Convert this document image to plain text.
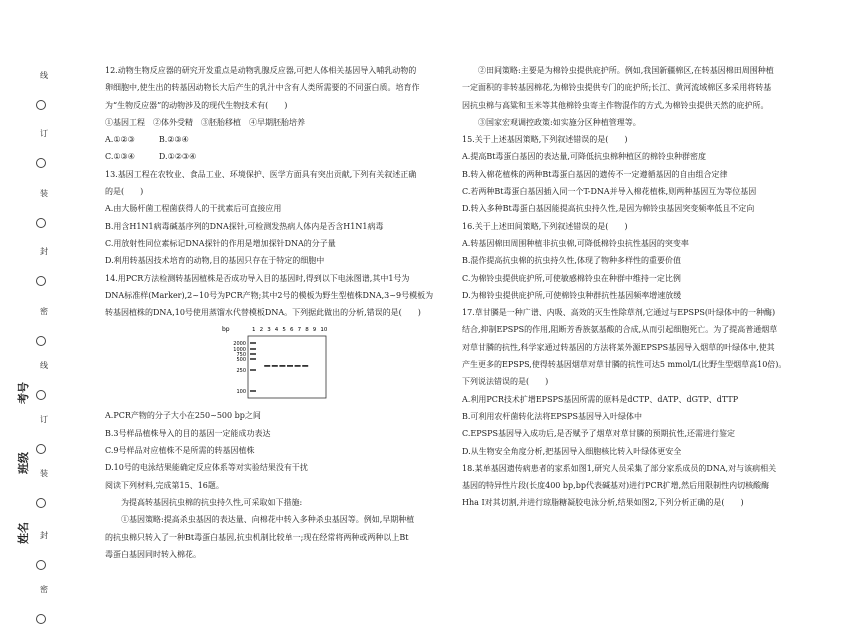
线
订
装
封
密
线
订
装
封
密
考号
班级
姓名

12.动物生物反应器的研究开发重点是动物乳腺反应器,可把人体相关基因导入哺乳动物的

卵细胞中,使生出的转基因动物长大后产生的乳汁中含有人类所需要的不同蛋白质。培育作

为“生物反应器”的动物涉及的现代生物技术有(　　)

①基因工程　②体外受精　③胚胎移植　④早期胚胎培养

A.①②③　　　B.②③④

C.①③④　　　D.①②③④

13.基因工程在农牧业、食品工业、环境保护、医学方面具有突出贡献,下列有关叙述正确

的是(　　)

A.由大肠杆菌工程菌获得人的干扰素后可直接应用

B.用含H1N1病毒碱基序列的DNA探针,可检测发热病人体内是否含H1N1病毒

C.用放射性同位素标记DNA探针的作用是增加探针DNA的分子量

D.利用转基因技术培育的动物,目的基因只存在于特定的细胞中

14.用PCR方法检测转基因植株是否成功导入目的基因时,得到以下电泳图谱,其中1号为

DNA标准样(Marker),2~10号为PCR产物;其中2号的模板为野生型植株DNA,3~9号模板为

转基因植株的DNA,10号使用蒸馏水代替模板DNA。下列据此做出的分析,错误的是(　　)

bp	1 2 3 4 5 6 7 8 9 10
2000
1000
750
500
250
100

A.PCR产物的分子大小在250~500 bp之间

B.3号样品植株导入的目的基因一定能成功表达

C.9号样品对应植株不是所需的转基因植株

D.10号的电泳结果能确定反应体系等对实验结果没有干扰

阅读下列材料,完成第15、16题。

　　为提高转基因抗虫棉的抗虫持久性,可采取如下措施:

　　①基因策略:提高杀虫基因的表达量、向棉花中转入多种杀虫基因等。例如,早期种植

的抗虫棉只转入了一种Bt毒蛋白基因,抗虫机制比较单一;现在经常将两种或两种以上Bt

毒蛋白基因同时转入棉花。

　　②田间策略:主要是为棉铃虫提供庇护所。例如,我国新疆棉区,在转基因棉田周围种植

一定面积的非转基因棉花,为棉铃虫提供专门的庇护所;长江、黄河流域棉区多采用将转基

因抗虫棉与高粱和玉米等其他棉铃虫寄主作物混作的方式,为棉铃虫提供天然的庇护所。

　　③国家宏观调控政策:如实施分区种植管理等。

15.关于上述基因策略,下列叙述错误的是(　　)

A.提高Bt毒蛋白基因的表达量,可降低抗虫棉种植区的棉铃虫种群密度

B.转入棉花植株的两种Bt毒蛋白基因的遗传不一定遵循基因的自由组合定律

C.若两种Bt毒蛋白基因插入同一个T-DNA并导入棉花植株,则两种基因互为等位基因

D.转入多种Bt毒蛋白基因能提高抗虫持久性,是因为棉铃虫基因突变频率低且不定向

16.关于上述田间策略,下列叙述错误的是(　　)

A.转基因棉田周围种植非抗虫棉,可降低棉铃虫抗性基因的突变率

B.混作提高抗虫棉的抗虫持久性,体现了物种多样性的重要价值

C.为棉铃虫提供庇护所,可使敏感棉铃虫在种群中维持一定比例

D.为棉铃虫提供庇护所,可使棉铃虫种群抗性基因频率增速放缓

17.草甘膦是一种广谱、内吸、高效的灭生性除草剂,它通过与EPSPS(叶绿体中的一种酶)

结合,抑制EPSPS的作用,阻断芳香族氨基酸的合成,从而引起细胞死亡。为了提高普通烟草

对草甘膦的抗性,科学家通过转基因的方法将某外源EPSPS基因导入烟草的叶绿体中,使其

产生更多的EPSPS,使得转基因烟草对草甘膦的抗性可达5 mmol/L(比野生型烟草高10倍)。

下列说法错误的是(　　)

A.利用PCR技术扩增EPSPS基因所需的原料是dCTP、dATP、dGTP、dTTP

B.可利用农杆菌转化法将EPSPS基因导入叶绿体中

C.EPSPS基因导入成功后,是否赋予了烟草对草甘膦的预期抗性,还需进行鉴定

D.从生物安全角度分析,把基因导入细胞核比转入叶绿体更安全

18.某单基因遗传病患者的家系如图1,研究人员采集了部分家系成员的DNA,对与该病相关

基因的特异性片段(长度400 bp,bp代表碱基对)进行PCR扩增,然后用限制性内切核酸酶

Hha Ⅰ对其切割,并进行琼脂糖凝胶电泳分析,结果如图2,下列分析正确的是(　　)
